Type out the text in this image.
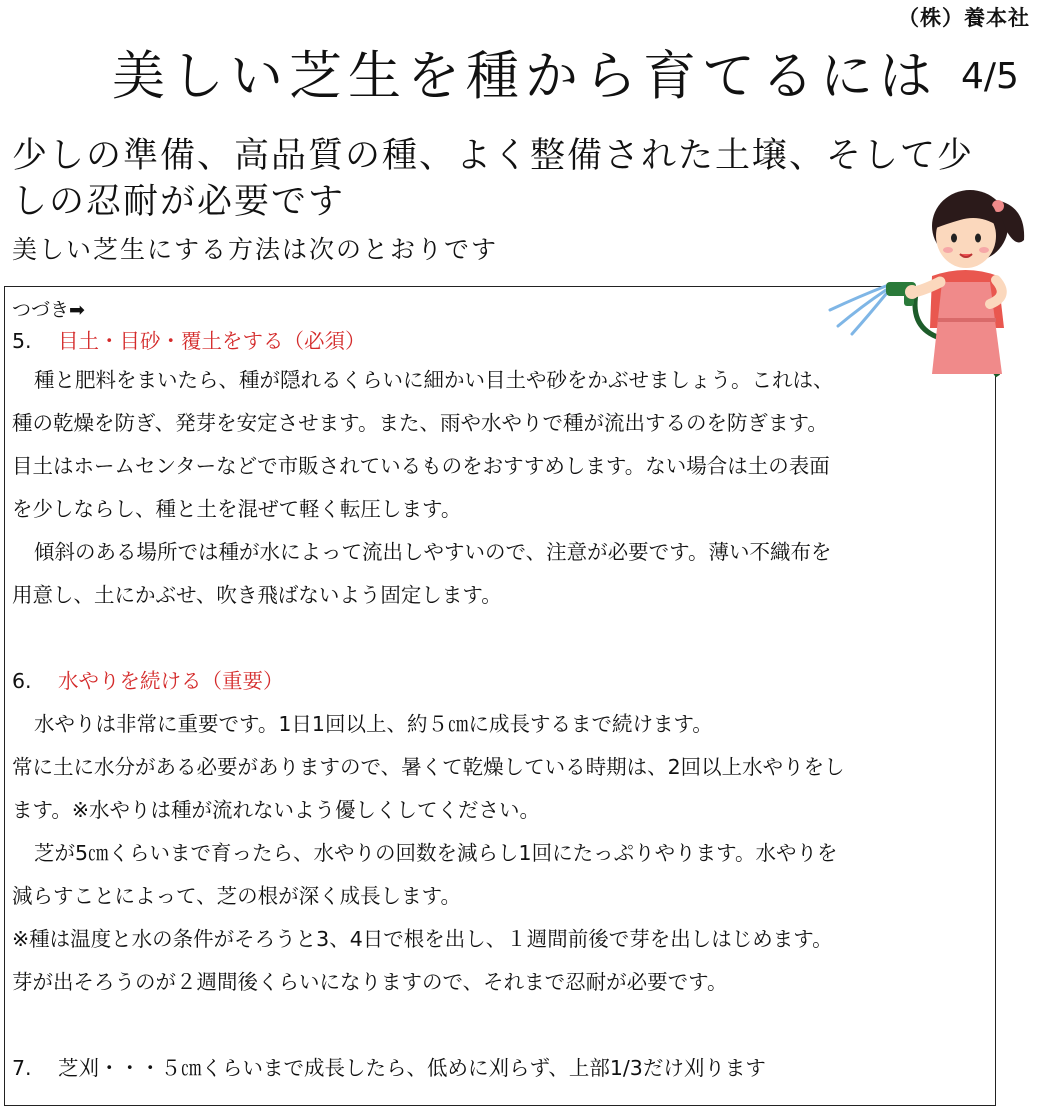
（株）養本社
美しい芝生を種から育てるには 4/5
少しの準備、高品質の種、よく整備された土壌、そして少しの忍耐が必要です
美しい芝生にする方法は次のとおりです
つづき➡
5. 目土・目砂・覆土をする（必須）
種と肥料をまいたら、種が隠れるくらいに細かい目土や砂をかぶせましょう。これは、
種の乾燥を防ぎ、発芽を安定させます。また、雨や水やりで種が流出するのを防ぎます。
目土はホームセンターなどで市販されているものをおすすめします。ない場合は土の表面
を少しならし、種と土を混ぜて軽く転圧します。
傾斜のある場所では種が水によって流出しやすいので、注意が必要です。薄い不織布を
用意し、土にかぶせ、吹き飛ばないよう固定します。
6. 水やりを続ける（重要）
水やりは非常に重要です。1日1回以上、約５㎝に成長するまで続けます。
常に土に水分がある必要がありますので、暑くて乾燥している時期は、2回以上水やりをし
ます。※水やりは種が流れないよう優しくしてください。
芝が5㎝くらいまで育ったら、水やりの回数を減らし1回にたっぷりやります。水やりを
減らすことによって、芝の根が深く成長します。
※種は温度と水の条件がそろうと3、4日で根を出し、１週間前後で芽を出しはじめます。
芽が出そろうのが２週間後くらいになりますので、それまで忍耐が必要です。
7. 芝刈・・・５㎝くらいまで成長したら、低めに刈らず、上部1/3だけ刈ります
